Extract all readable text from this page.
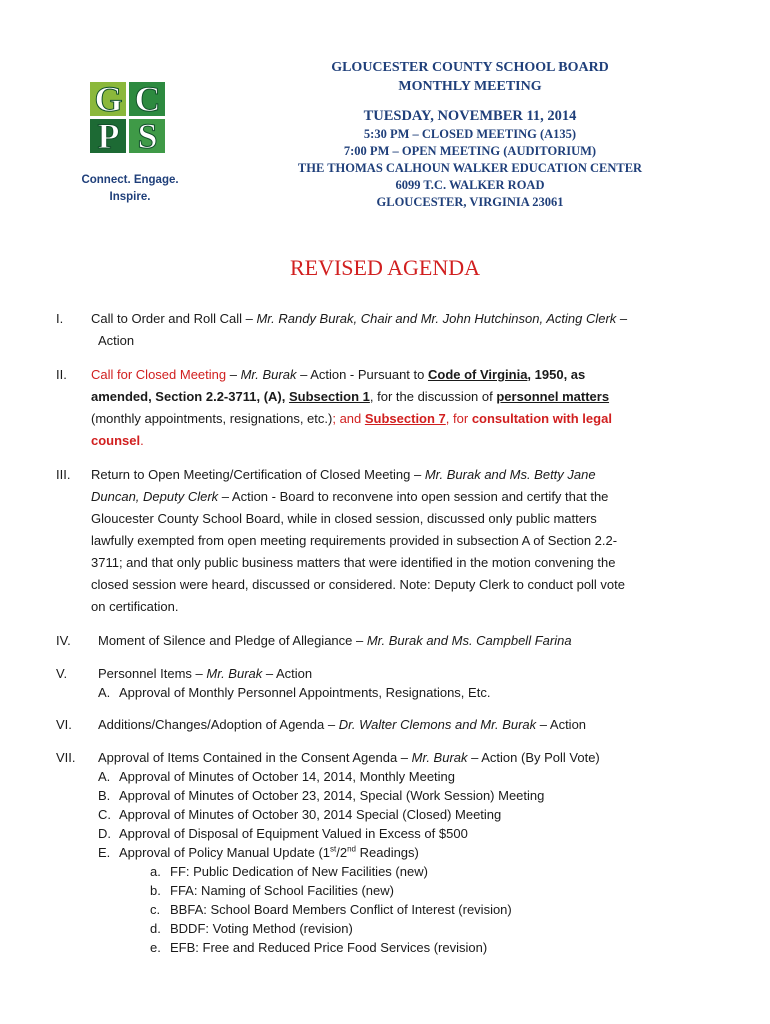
G C
P S
Connect. Engage.
Inspire.
GLOUCESTER COUNTY SCHOOL BOARD
MONTHLY MEETING
TUESDAY, NOVEMBER 11, 2014
5:30 PM – CLOSED MEETING (A135)
7:00 PM – OPEN MEETING (AUDITORIUM)
THE THOMAS CALHOUN WALKER EDUCATION CENTER
6099 T.C. WALKER ROAD
GLOUCESTER, VIRGINIA 23061
REVISED AGENDA
I.	Call to Order and Roll Call – Mr. Randy Burak, Chair and Mr. John Hutchinson, Acting Clerk –
Action
II.	Call for Closed Meeting – Mr. Burak – Action - Pursuant to Code of Virginia, 1950, as
amended, Section 2.2-3711, (A), Subsection 1, for the discussion of personnel matters
(monthly appointments, resignations, etc.); and Subsection 7, for consultation with legal
counsel.
III.	Return to Open Meeting/Certification of Closed Meeting – Mr. Burak and Ms. Betty Jane
Duncan, Deputy Clerk – Action - Board to reconvene into open session and certify that the
Gloucester County School Board, while in closed session, discussed only public matters
lawfully exempted from open meeting requirements provided in subsection A of Section 2.2-
3711; and that only public business matters that were identified in the motion convening the
closed session were heard, discussed or considered. Note: Deputy Clerk to conduct poll vote
on certification.
IV.	Moment of Silence and Pledge of Allegiance – Mr. Burak and Ms. Campbell Farina
V.	Personnel Items – Mr. Burak – Action
A. Approval of Monthly Personnel Appointments, Resignations, Etc.
VI.	Additions/Changes/Adoption of Agenda – Dr. Walter Clemons and Mr. Burak – Action
VII.	Approval of Items Contained in the Consent Agenda – Mr. Burak – Action (By Poll Vote)
A. Approval of Minutes of October 14, 2014, Monthly Meeting
B. Approval of Minutes of October 23, 2014, Special (Work Session) Meeting
C. Approval of Minutes of October 30, 2014 Special (Closed) Meeting
D. Approval of Disposal of Equipment Valued in Excess of $500
E. Approval of Policy Manual Update (1st/2nd Readings)
a. FF: Public Dedication of New Facilities (new)
b. FFA: Naming of School Facilities (new)
c. BBFA: School Board Members Conflict of Interest (revision)
d. BDDF: Voting Method (revision)
e. EFB: Free and Reduced Price Food Services (revision)
